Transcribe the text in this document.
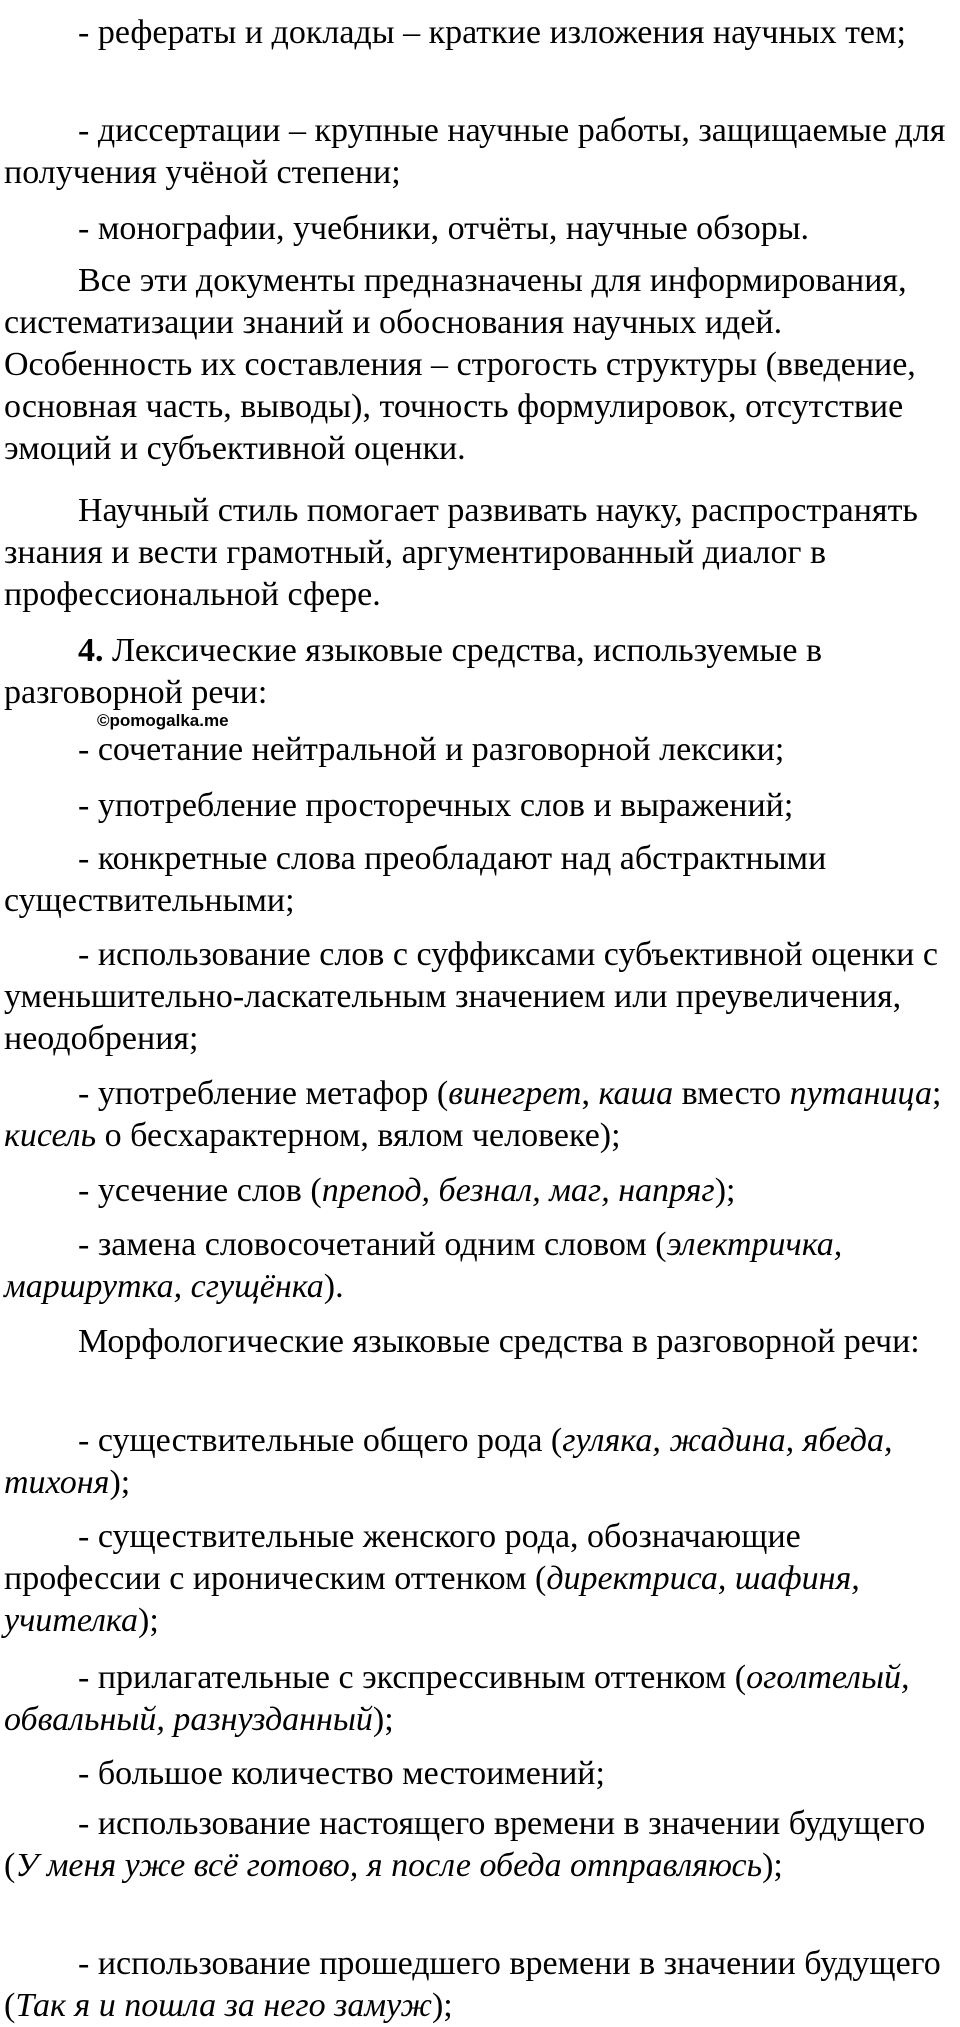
- рефераты и доклады – краткие изложения научных тем;

- диссертации – крупные научные работы, защищаемые для получения учёной степени;

- монографии, учебники, отчёты, научные обзоры.

Все эти документы предназначены для информирования, систематизации знаний и обоснования научных идей. Особенность их составления – строгость структуры (введение, основная часть, выводы), точность формулировок, отсутствие эмоций и субъективной оценки.

Научный стиль помогает развивать науку, распространять знания и вести грамотный, аргументированный диалог в профессиональной сфере.

4. Лексические языковые средства, используемые в разговорной речи:

- сочетание нейтральной и разговорной лексики;

- употребление просторечных слов и выражений;

- конкретные слова преобладают над абстрактными существительными;

- использование слов с суффиксами субъективной оценки с уменьшительно-ласкательным значением или преувеличения, неодобрения;

- употребление метафор (винегрет, каша вместо путаница; кисель о бесхарактерном, вялом человеке);

- усечение слов (препод, безнал, маг, напряг);

- замена словосочетаний одним словом (электричка, маршрутка, сгущёнка).

Морфологические языковые средства в разговорной речи:

- существительные общего рода (гуляка, жадина, ябеда, тихоня);

- существительные женского рода, обозначающие профессии с ироническим оттенком (директриса, шафиня, учителка);

- прилагательные с экспрессивным оттенком (оголтелый, обвальный, разнузданный);

- большое количество местоимений;

- использование настоящего времени в значении будущего (У меня уже всё готово, я после обеда отправляюсь);

- использование прошедшего времени в значении будущего (Так я и пошла за него замуж);

©pomogalka.me
